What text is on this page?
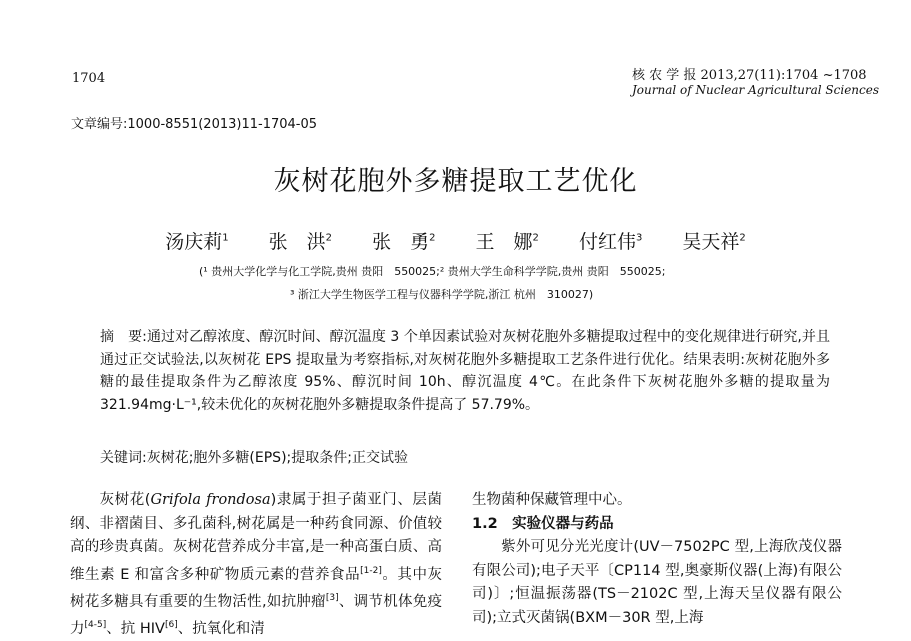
1704	核 农 学 报 2013,27(11):1704 ~1708
Journal of Nuclear Agricultural Sciences
文章编号:1000-8551(2013)11-1704-05
灰树花胞外多糖提取工艺优化
汤庆莉$^1$ 张　洪$^2$ 张　勇$^2$ 王　娜$^2$ 付红伟$^3$ 吴天祥$^2$
(¹ 贵州大学化学与化工学院,贵州 贵阳　550025;² 贵州大学生命科学学院,贵州 贵阳　550025;
³ 浙江大学生物医学工程与仪器科学学院,浙江 杭州　310027)
摘　要:通过对乙醇浓度、醇沉时间、醇沉温度 3 个单因素试验对灰树花胞外多糖提取过程中的变化规律进行研究,并且通过正交试验法,以灰树花 EPS 提取量为考察指标,对灰树花胞外多糖提取工艺条件进行优化。结果表明:灰树花胞外多糖的最佳提取条件为乙醇浓度 95%、醇沉时间 10h、醇沉温度 4℃。在此条件下灰树花胞外多糖的提取量为 321.94mg·L⁻¹,较未优化的灰树花胞外多糖提取条件提高了 57.79%。
关键词:灰树花;胞外多糖(EPS);提取条件;正交试验
灰树花(Grifola frondosa)隶属于担子菌亚门、层菌纲、非褶菌目、多孔菌科,树花属是一种药食同源、价值较高的珍贵真菌。灰树花营养成分丰富,是一种高蛋白质、高维生素 E 和富含多种矿物质元素的营养食品[1-2]。其中灰树花多糖具有重要的生物活性,如抗肿瘤[3]、调节机体免疫力[4-5]、抗 HIV[6]、抗氧化和清
生物菌种保藏管理中心。
1.2　实验仪器与药品
紫外可见分光光度计(UV－7502PC 型,上海欣茂仪器有限公司);电子天平〔CP114 型,奥豪斯仪器(上海)有限公司)〕;恒温振荡器(TS－2102C 型,上海天呈仪器有限公司);立式灭菌锅(BXM－30R 型,上海
